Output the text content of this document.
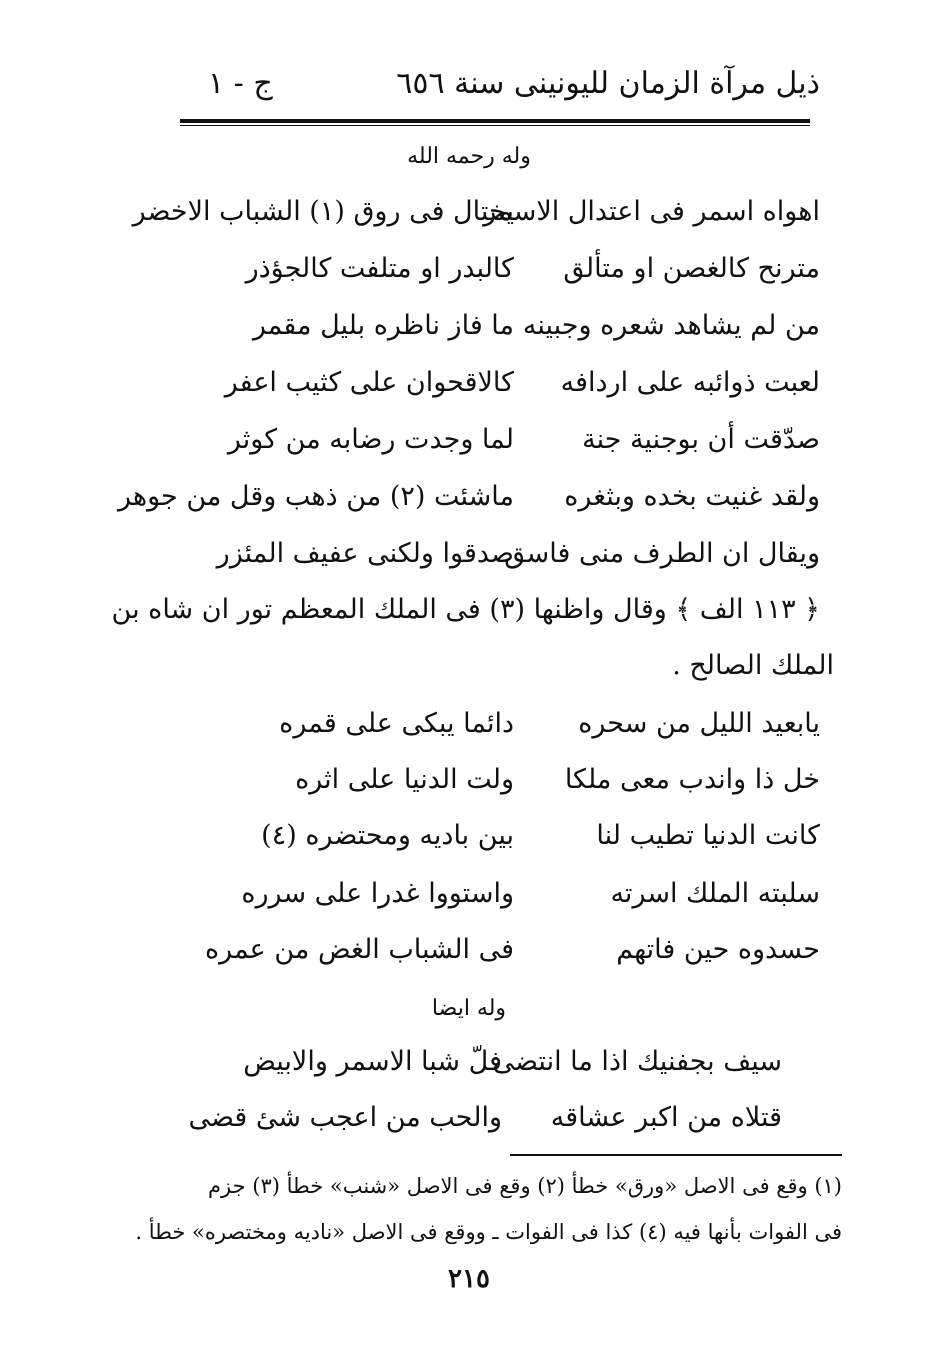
ذيل مرآة الزمان لليونينى سنة ٦٥٦
ج - ١
وله رحمه الله
اهواه اسمر فى اعتدال الاسمر
يختال فى روق (١) الشباب الاخضر
مترنح كالغصن او متألق
كالبدر او متلفت كالجؤذر
من لم يشاهد شعره وجبينه
ما فاز ناظره بليل مقمر
لعبت ذوائبه على اردافه
كالاقحوان على كثيب اعفر
صدّقت أن بوجنية جنة
لما وجدت رضابه من كوثر
ولقد غنيت بخده وبثغره
ماشئت (٢) من ذهب وقل من جوهر
ويقال ان الطرف منى فاسق
صدقوا ولكنى عفيف المئزر
﴿ ١١٣ الف ﴾ وقال واظنها (٣) فى الملك المعظم تور ان شاه بن
الملك الصالح .
يابعيد الليل من سحره
دائما يبكى على قمره
خل ذا واندب معى ملكا
ولت الدنيا على اثره
كانت الدنيا تطيب لنا
بين باديه ومحتضره (٤)
سلبته الملك اسرته
واستووا غدرا على سرره
حسدوه حين فاتهم
فى الشباب الغض من عمره
وله ايضا
سيف بجفنيك اذا ما انتضى
فلّ شبا الاسمر والابيض
قتلاه من اكبر عشاقه
والحب من اعجب شئ قضى
(١) وقع فى الاصل «ورق» خطأ (٢) وقع فى الاصل «شنب» خطأ (٣) جزم
فى الفوات بأنها فيه (٤) كذا فى الفوات ـ ووقع فى الاصل «ناديه ومختصره» خطأ .
٢١٥
